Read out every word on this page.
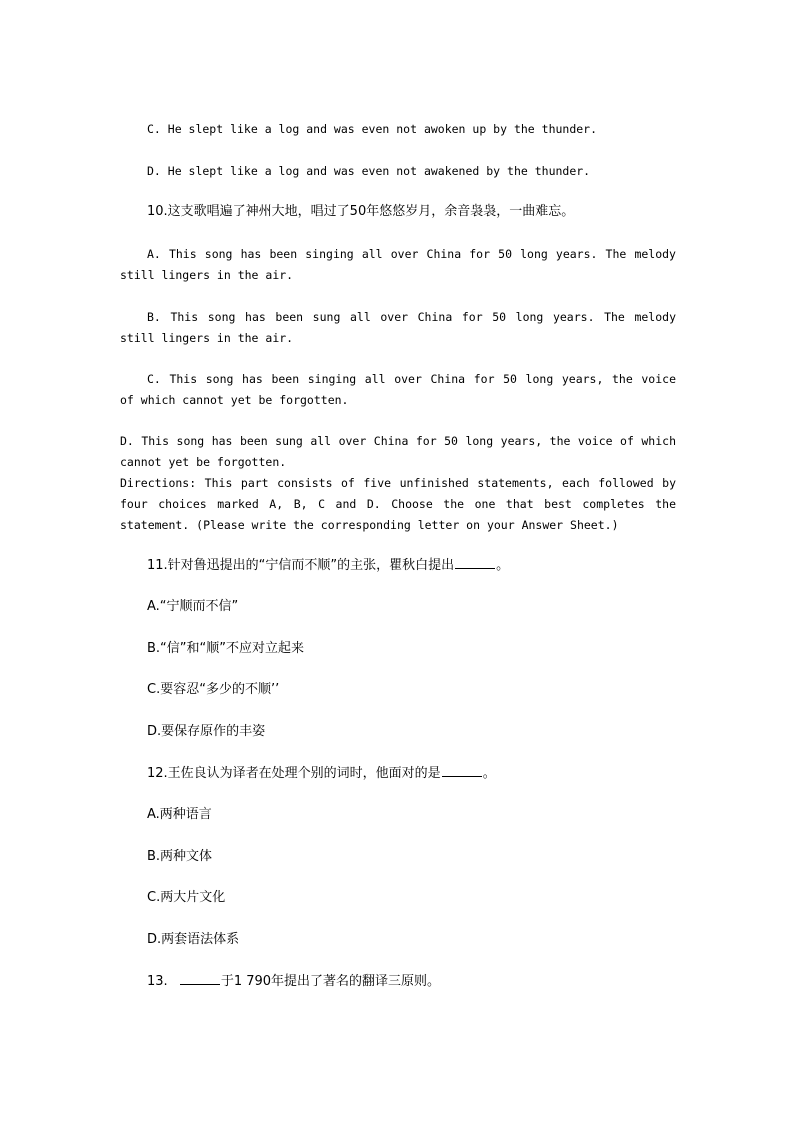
C. He slept like a log and was even not awoken up by the thunder.
D. He slept like a log and was even not awakened by the thunder.
10.这支歌唱遍了神州大地，唱过了50年悠悠岁月，余音袅袅，一曲难忘。
A. This song has been singing all over China for 50 long years. The melody
still lingers in the air.
B. This song has been sung all over China for 50 long years. The melody
still lingers in the air.
C. This song has been singing all over China for 50 long years, the voice
of which cannot yet be forgotten.
D. This song has been sung all over China for 50 long years, the voice of which
cannot yet be forgotten.
Directions: This part consists of five unfinished statements, each followed by
four choices marked A, B, C and D. Choose the one that best completes the
statement. (Please write the corresponding letter on your Answer Sheet.)
11.针对鲁迅提出的“宁信而不顺”的主张，瞿秋白提出	。
A.“宁顺而不信”
B.“信”和“顺”不应对立起来
C.要容忍“多少的不顺’’
D.要保存原作的丰姿
12.王佐良认为译者在处理个别的词时，他面对的是	。
A.两种语言
B.两种文体
C.两大片文化
D.两套语法体系
13.	于1 790年提出了著名的翻译三原则。
